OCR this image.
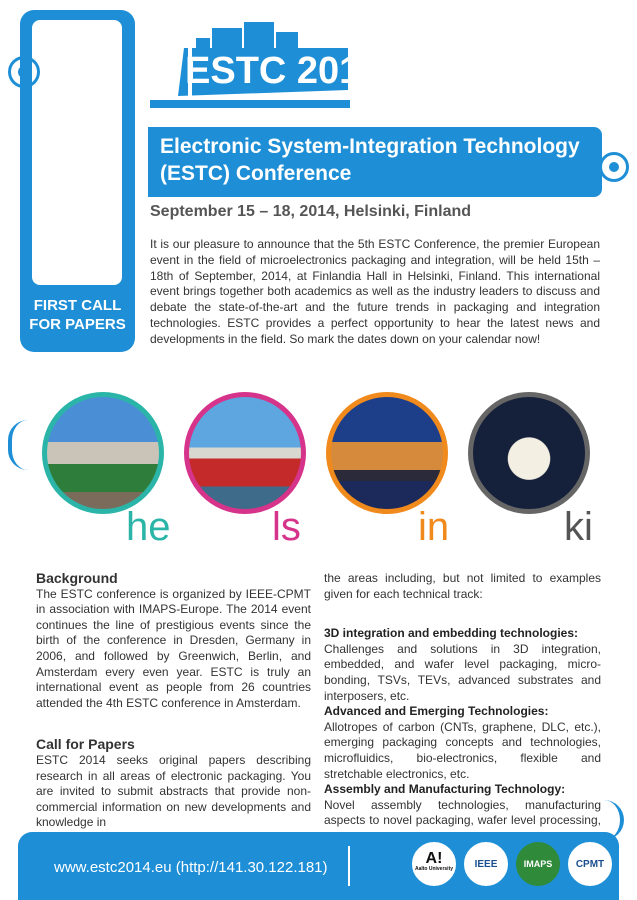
FIRST CALL FOR PAPERS
ESTC 2014
Electronic System-Integration Technology (ESTC) Conference
September 15 – 18, 2014, Helsinki, Finland
It is our pleasure to announce that the 5th ESTC Conference, the premier European event in the field of microelectronics packaging and integration, will be held 15th – 18th of September, 2014, at Finlandia Hall in Helsinki, Finland. This international event brings together both academics as well as the industry leaders to discuss and debate the state-of-the-art and the future trends in packaging and integration technologies. ESTC provides a perfect opportunity to hear the latest news and developments in the field. So mark the dates down on your calendar now!
he	ls	in	ki
Background

The ESTC conference is organized by IEEE-CPMT in association with IMAPS-Europe. The 2014 event continues the line of prestigious events since the birth of the conference in Dresden, Germany in 2006, and followed by Greenwich, Berlin, and Amsterdam every even year. ESTC is truly an international event as people from 26 countries attended the 4th ESTC conference in Amsterdam.

Call for Papers

ESTC 2014 seeks original papers describing research in all areas of electronic packaging. You are invited to submit abstracts that provide non-commercial information on new developments and knowledge in

the areas including, but not limited to examples given for each technical track:

3D integration and embedding technologies:

Challenges and solutions in 3D integration, embedded, and wafer level packaging, micro-bonding, TSVs, TEVs, advanced substrates and interposers, etc.

Advanced and Emerging Technologies:

Allotropes of carbon (CNTs, graphene, DLC, etc.), emerging packaging concepts and technologies, microfluidics, bio-electronics, flexible and stretchable electronics, etc.

Assembly and Manufacturing Technology:

Novel assembly technologies, manufacturing aspects to novel packaging, wafer level processing,

www.estc2014.eu (http://141.30.122.181)
A!
Aalto University IEEE	IMAPS CPMT
